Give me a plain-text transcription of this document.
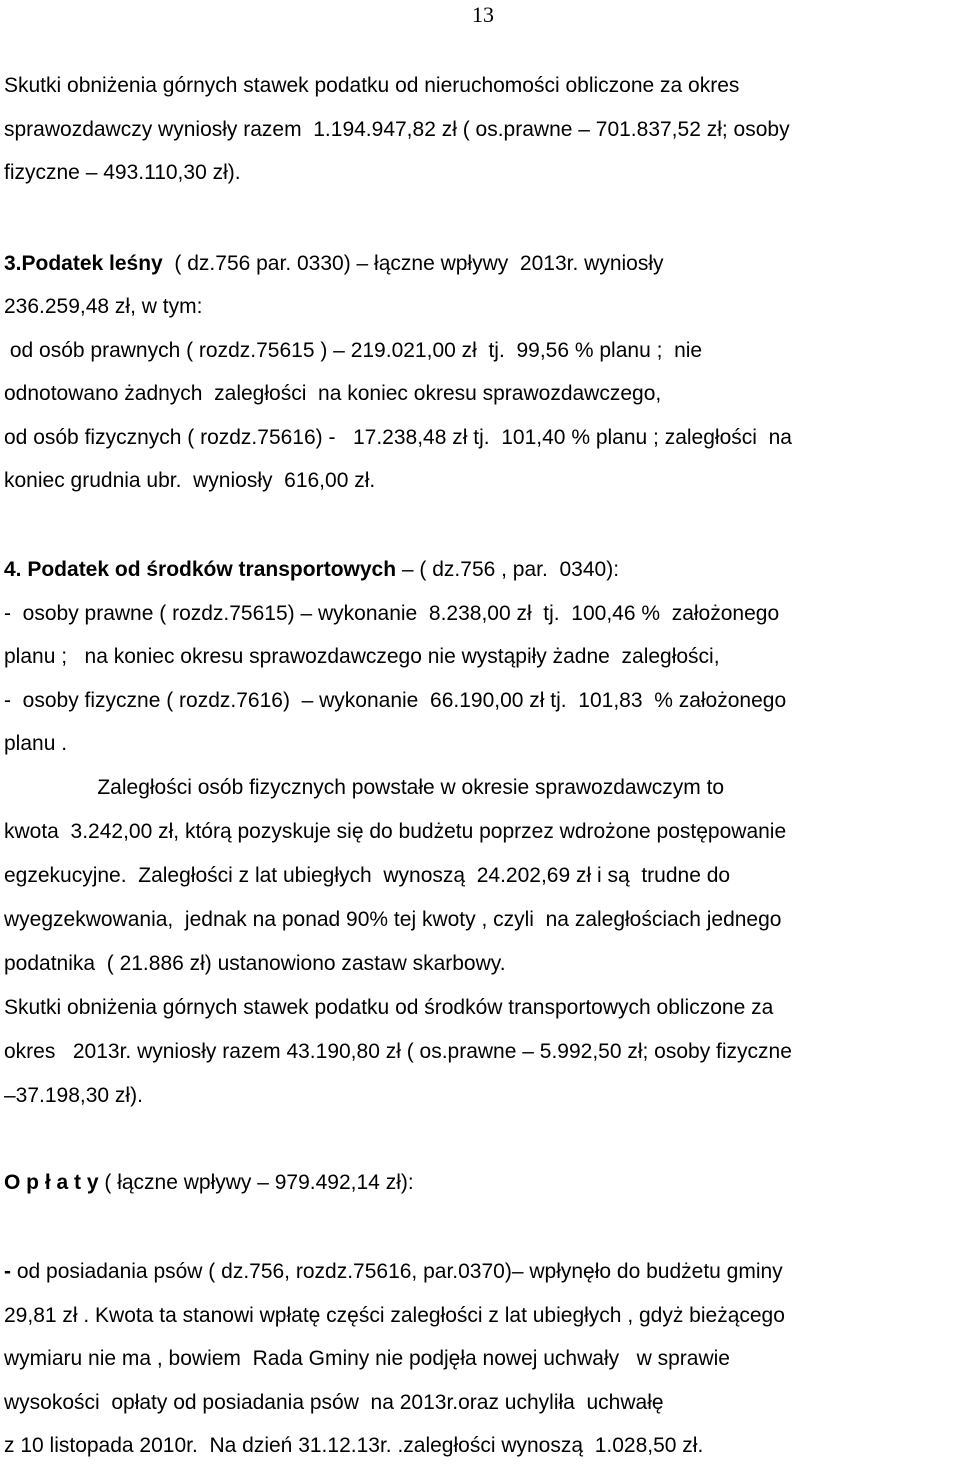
13

Skutki obniżenia górnych stawek podatku od nieruchomości obliczone za okres

sprawozdawczy wyniosły razem  1.194.947,82 zł ( os.prawne – 701.837,52 zł; osoby

fizyczne – 493.110,30 zł).

3.Podatek leśny  ( dz.756 par. 0330) – łączne wpływy  2013r. wyniosły

236.259,48 zł, w tym:

od osób prawnych ( rozdz.75615 ) – 219.021,00 zł  tj.  99,56 % planu ;  nie

odnotowano żadnych  zaległości  na koniec okresu sprawozdawczego,

od osób fizycznych ( rozdz.75616) -   17.238,48 zł tj.  101,40 % planu ; zaległości  na

koniec grudnia ubr.  wyniosły  616,00 zł.

4. Podatek od środków transportowych – ( dz.756 , par.  0340):

-  osoby prawne ( rozdz.75615) – wykonanie  8.238,00 zł  tj.  100,46 %  założonego

planu ;   na koniec okresu sprawozdawczego nie wystąpiły żadne  zaległości,

-  osoby fizyczne ( rozdz.7616)  – wykonanie  66.190,00 zł tj.  101,83  % założonego

planu .

Zaległości osób fizycznych powstałe w okresie sprawozdawczym to

kwota  3.242,00 zł, którą pozyskuje się do budżetu poprzez wdrożone postępowanie

egzekucyjne.  Zaległości z lat ubiegłych  wynoszą  24.202,69 zł i są  trudne do

wyegzekwowania,  jednak na ponad 90% tej kwoty , czyli  na zaległościach jednego

podatnika  ( 21.886 zł) ustanowiono zastaw skarbowy.

Skutki obniżenia górnych stawek podatku od środków transportowych obliczone za

okres   2013r. wyniosły razem 43.190,80 zł ( os.prawne – 5.992,50 zł; osoby fizyczne

–37.198,30 zł).

O p ł a t y ( łączne wpływy – 979.492,14 zł):

- od posiadania psów ( dz.756, rozdz.75616, par.0370)– wpłynęło do budżetu gminy

29,81 zł . Kwota ta stanowi wpłatę części zaległości z lat ubiegłych , gdyż bieżącego

wymiaru nie ma , bowiem  Rada Gminy nie podjęła nowej uchwały   w sprawie

wysokości  opłaty od posiadania psów  na 2013r.oraz uchyliła  uchwałę

z 10 listopada 2010r.  Na dzień 31.12.13r. .zaległości wynoszą  1.028,50 zł.
